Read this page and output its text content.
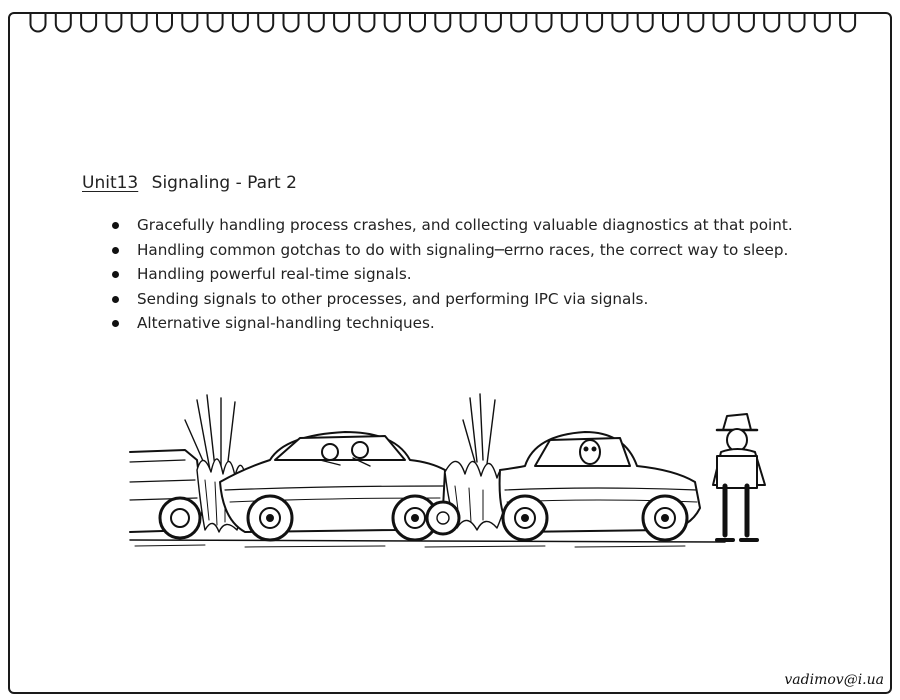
Unit13 Signaling - Part 2
Gracefully handling process crashes, and collecting valuable diagnostics at that point.
Handling common gotchas to do with signaling─errno races, the correct way to sleep.
Handling powerful real-time signals.
Sending signals to other processes, and performing IPC via signals.
Alternative signal-handling techniques.
vadimov@i.ua
